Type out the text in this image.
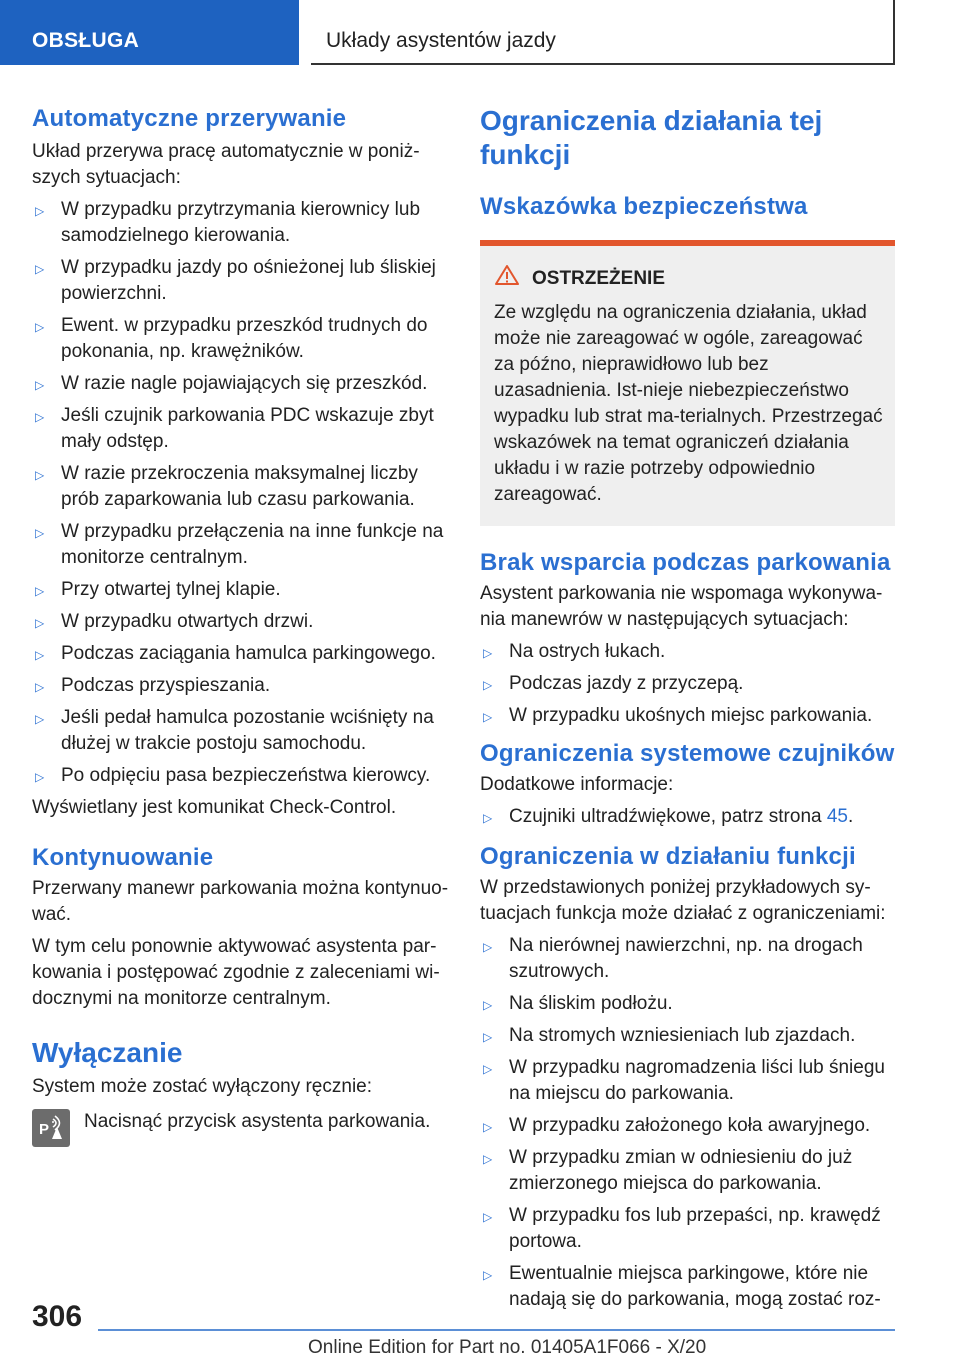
OBSŁUGA	Układy asystentów jazdy
Automatyczne przerywanie

Układ przerywa pracę automatycznie w poniż-szych sytuacjach:

▷ W przypadku przytrzymania kierownicy lub samodzielnego kierowania.
▷ W przypadku jazdy po ośnieżonej lub śliskiej powierzchni.
▷ Ewent. w przypadku przeszkód trudnych do pokonania, np. krawężników.
▷ W razie nagle pojawiających się przeszkód.
▷ Jeśli czujnik parkowania PDC wskazuje zbyt mały odstęp.
▷ W razie przekroczenia maksymalnej liczby prób zaparkowania lub czasu parkowania.
▷ W przypadku przełączenia na inne funkcje na monitorze centralnym.
▷ Przy otwartej tylnej klapie.
▷ W przypadku otwartych drzwi.
▷ Podczas zaciągania hamulca parkingowego.
▷ Podczas przyspieszania.
▷ Jeśli pedał hamulca pozostanie wciśnięty na dłużej w trakcie postoju samochodu.
▷ Po odpięciu pasa bezpieczeństwa kierowcy.

Wyświetlany jest komunikat Check-Control.

Kontynuowanie

Przerwany manewr parkowania można kontynuo-wać.

W tym celu ponownie aktywować asystenta par-kowania i postępować zgodnie z zaleceniami wi-docznymi na monitorze centralnym.

Wyłączanie

System może zostać wyłączony ręcznie:

P Nacisnąć przycisk asystenta parkowania.

Ograniczenia działania tej funkcji
Wskazówka bezpieczeństwa
OSTRZEŻENIE

Ze względu na ograniczenia działania, układ może nie zareagować w ogóle, zareagować za późno, nieprawidłowo lub bez uzasadnienia. Ist-nieje niebezpieczeństwo wypadku lub strat ma-terialnych. Przestrzegać wskazówek na temat ograniczeń działania układu i w razie potrzeby odpowiednio zareagować.

Brak wsparcia podczas parkowania

Asystent parkowania nie wspomaga wykonywa-nia manewrów w następujących sytuacjach:

▷ Na ostrych łukach.
▷ Podczas jazdy z przyczepą.
▷ W przypadku ukośnych miejsc parkowania.
Ograniczenia systemowe czujników

Dodatkowe informacje:

▷ Czujniki ultradźwiękowe, patrz strona 45.
Ograniczenia w działaniu funkcji

W przedstawionych poniżej przykładowych sy-tuacjach funkcja może działać z ograniczeniami:

▷ Na nierównej nawierzchni, np. na drogach szutrowych.
▷ Na śliskim podłożu.
▷ Na stromych wzniesieniach lub zjazdach.
▷ W przypadku nagromadzenia liści lub śniegu na miejscu do parkowania.
▷ W przypadku założonego koła awaryjnego.
▷ W przypadku zmian w odniesieniu do już zmierzonego miejsca do parkowania.
▷ W przypadku fos lub przepaści, np. krawędź portowa.
▷ Ewentualnie miejsca parkingowe, które nie nadają się do parkowania, mogą zostać roz-
306
Online Edition for Part no. 01405A1F066 - X/20
